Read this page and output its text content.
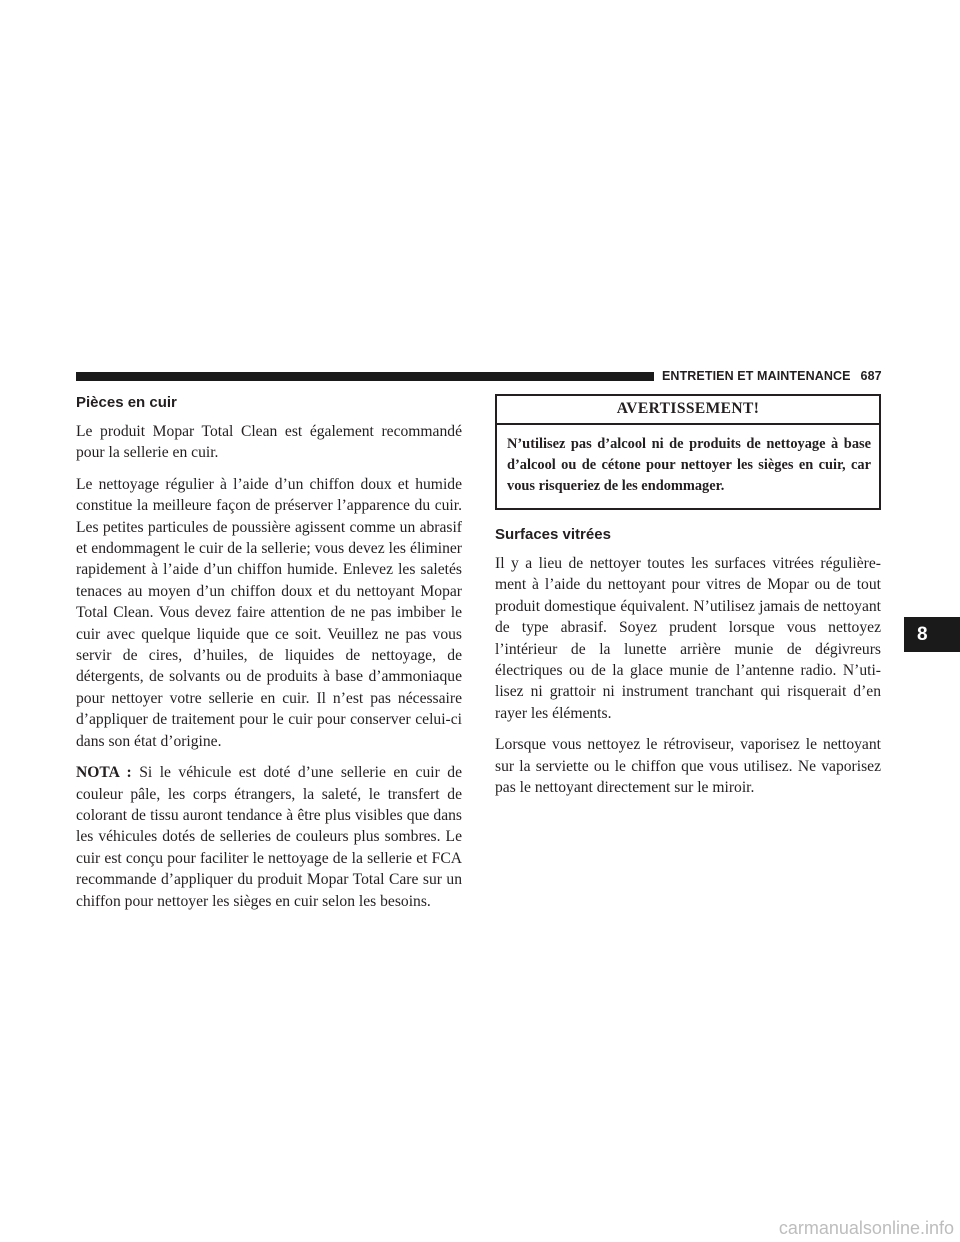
ENTRETIEN ET MAINTENANCE 687
Pièces en cuir

Le produit Mopar Total Clean est également recommandé pour la sellerie en cuir.

Le nettoyage régulier à l’aide d’un chiffon doux et humide constitue la meilleure façon de préserver l’apparence du cuir. Les petites particules de poussière agissent comme un abrasif et endommagent le cuir de la sellerie; vous devez les éliminer rapidement à l’aide d’un chiffon humide. Enlevez les saletés tenaces au moyen d’un chiffon doux et du nettoyant Mopar Total Clean. Vous devez faire attention de ne pas imbiber le cuir avec quelque liquide que ce soit. Veuillez ne pas vous servir de cires, d’huiles, de liquides de nettoyage, de détergents, de solvants ou de produits à base d’ammoniaque pour nettoyer votre sellerie en cuir. Il n’est pas nécessaire d’appliquer de traitement pour le cuir pour conserver celui-ci dans son état d’origine.

NOTA : Si le véhicule est doté d’une sellerie en cuir de couleur pâle, les corps étrangers, la saleté, le transfert de colorant de tissu auront tendance à être plus visibles que dans les véhicules dotés de selleries de couleurs plus sombres. Le cuir est conçu pour faciliter le nettoyage de la sellerie et FCA recommande d’appliquer du produit Mopar Total Care sur un chiffon pour nettoyer les sièges en cuir selon les besoins.

AVERTISSEMENT!
N’utilisez pas d’alcool ni de produits de nettoyage à base d’alcool ou de cétone pour nettoyer les sièges en cuir, car vous risqueriez de les endommager.
Surfaces vitrées

Il y a lieu de nettoyer toutes les surfaces vitrées régulièrement à l’aide du nettoyant pour vitres de Mopar ou de tout produit domestique équivalent. N’utilisez jamais de nettoyant de type abrasif. Soyez prudent lorsque vous nettoyez l’intérieur de la lunette arrière munie de dégivreurs électriques ou de la glace munie de l’antenne radio. N’utilisez ni grattoir ni instrument tranchant qui risquerait d’en rayer les éléments.

Lorsque vous nettoyez le rétroviseur, vaporisez le nettoyant sur la serviette ou le chiffon que vous utilisez. Ne vaporisez pas le nettoyant directement sur le miroir.

8
carmanualsonline.info
